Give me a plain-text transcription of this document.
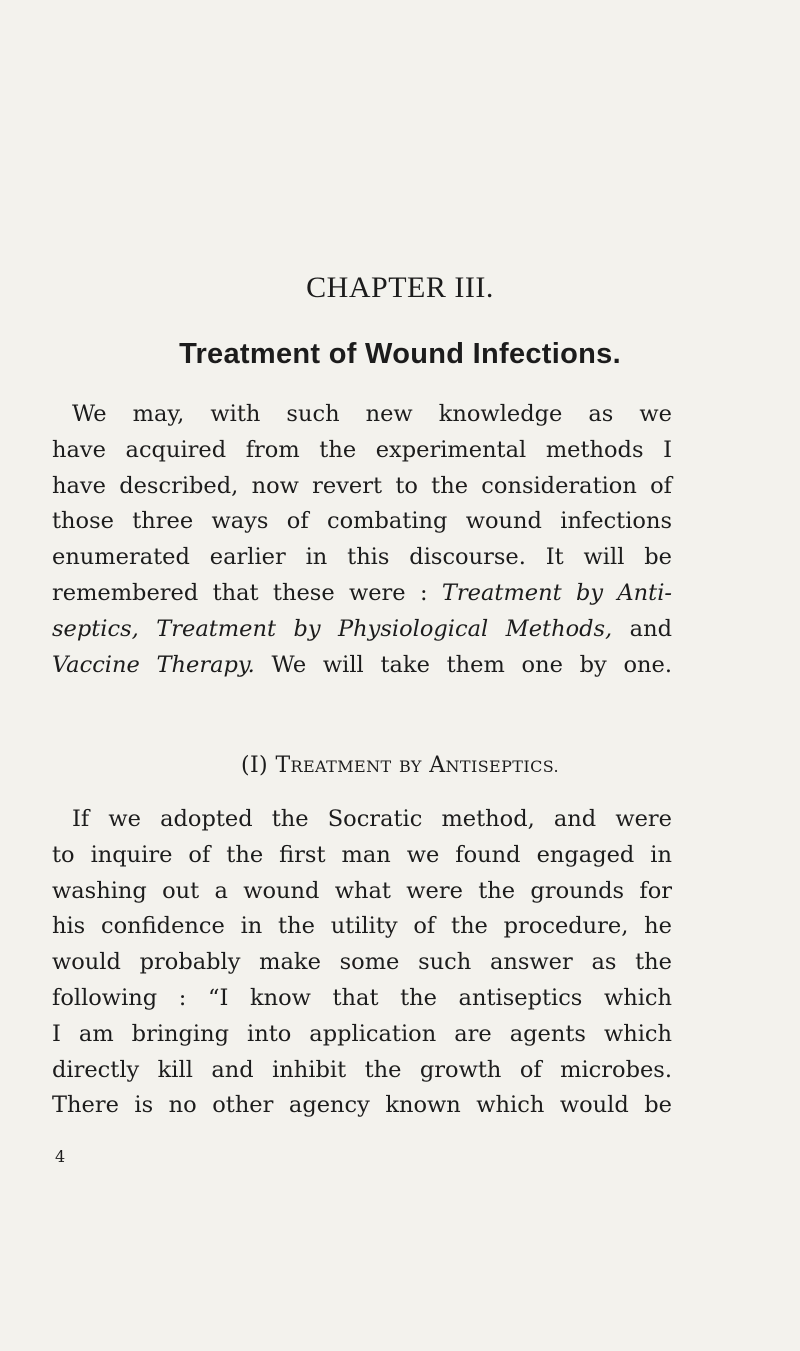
CHAPTER III.
Treatment of Wound Infections.

We may, with such new knowledge as we
have acquired from the experimental methods I
have described, now revert to the consideration of
those three ways of combating wound infections
enumerated earlier in this discourse. It will be
remembered that these were : Treatment by Anti-
septics, Treatment by Physiological Methods, and
Vaccine Therapy. We will take them one by one.

(I) TREATMENT BY ANTISEPTICS.

If we adopted the Socratic method, and were
to inquire of the first man we found engaged in
washing out a wound what were the grounds for
his confidence in the utility of the procedure, he
would probably make some such answer as the
following : “I know that the antiseptics which
I am bringing into application are agents which
directly kill and inhibit the growth of microbes.
There is no other agency known which would be

4
